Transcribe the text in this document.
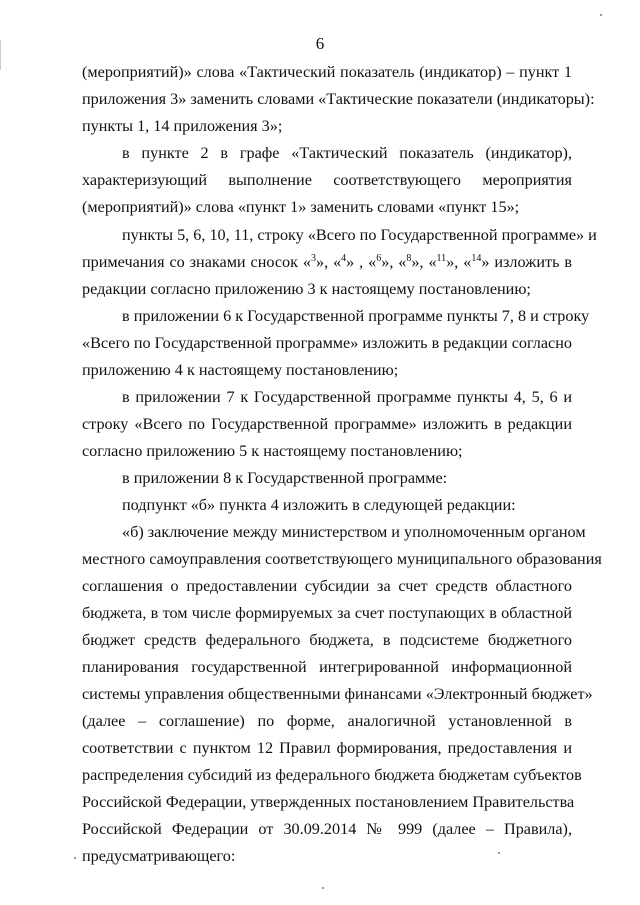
6
(мероприятий)» слова «Тактический показатель (индикатор) – пункт 1
приложения 3» заменить словами «Тактические показатели (индикаторы):
пункты 1, 14 приложения 3»;
в пункте 2 в графе «Тактический показатель (индикатор),
характеризующий выполнение соответствующего мероприятия
(мероприятий)» слова «пункт 1» заменить словами «пункт 15»;
пункты 5, 6, 10, 11, строку «Всего по Государственной программе» и
примечания со знаками сносок «$^3$», «$^4$» , «$^6$», «$^8$», «$^{11}$», «$^{14}$» изложить в
редакции согласно приложению 3 к настоящему постановлению;
в приложении 6 к Государственной программе пункты 7, 8 и строку
«Всего по Государственной программе» изложить в редакции согласно
приложению 4 к настоящему постановлению;
в приложении 7 к Государственной программе пункты 4, 5, 6 и
строку «Всего по Государственной программе» изложить в редакции
согласно приложению 5 к настоящему постановлению;
в приложении 8 к Государственной программе:
подпункт «б» пункта 4 изложить в следующей редакции:
«б) заключение между министерством и уполномоченным органом
местного самоуправления соответствующего муниципального образования
соглашения о предоставлении субсидии за счет средств областного
бюджета, в том числе формируемых за счет поступающих в областной
бюджет средств федерального бюджета, в подсистеме бюджетного
планирования государственной интегрированной информационной
системы управления общественными финансами «Электронный бюджет»
(далее – соглашение) по форме, аналогичной установленной в
соответствии с пунктом 12 Правил формирования, предоставления и
распределения субсидий из федерального бюджета бюджетам субъектов
Российской Федерации, утвержденных постановлением Правительства
Российской Федерации от 30.09.2014 № 999 (далее – Правила),
предусматривающего:
